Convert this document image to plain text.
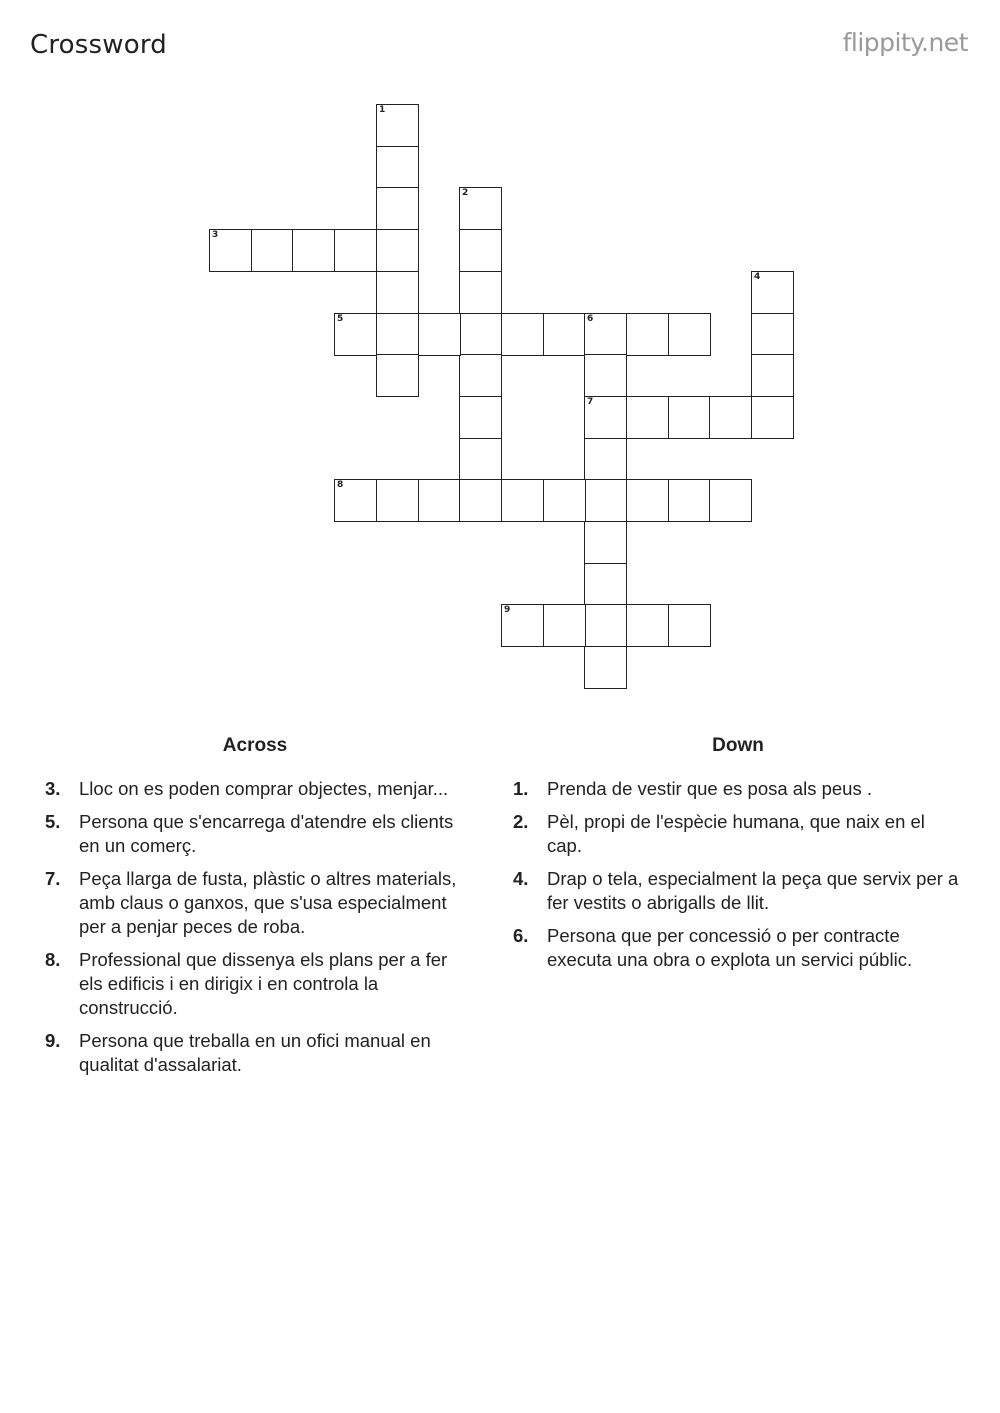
Crossword	flippity.net
1
2
3
4
5	6
7
8
9
Across
3.	Lloc on es poden comprar objectes, menjar...
5.	Persona que s'encarrega d'atendre els clients en un comerç.
7.	Peça llarga de fusta, plàstic o altres materials, amb claus o ganxos, que s'usa especialment per a penjar peces de roba.
8.	Professional que dissenya els plans per a fer els edificis i en dirigix i en controla la construcció.
9.	Persona que treballa en un ofici manual en qualitat d'assalariat.
Down
1.	Prenda de vestir que es posa als peus .
2.	Pèl, propi de l'espècie humana, que naix en el cap.
4.	Drap o tela, especialment la peça que servix per a fer vestits o abrigalls de llit.
6.	Persona que per concessió o per contracte executa una obra o explota un servici públic.
